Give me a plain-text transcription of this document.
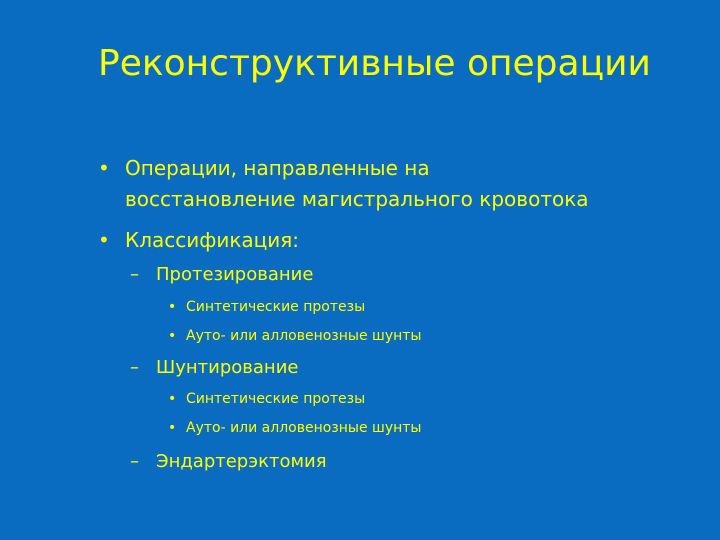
Реконструктивные операции
• Операции, направленные на
восстановление магистрального кровотока
• Классификация:
– Протезирование
• Синтетические протезы
• Ауто- или алловенозные шунты
– Шунтирование
• Синтетические протезы
• Ауто- или алловенозные шунты
– Эндартерэктомия
